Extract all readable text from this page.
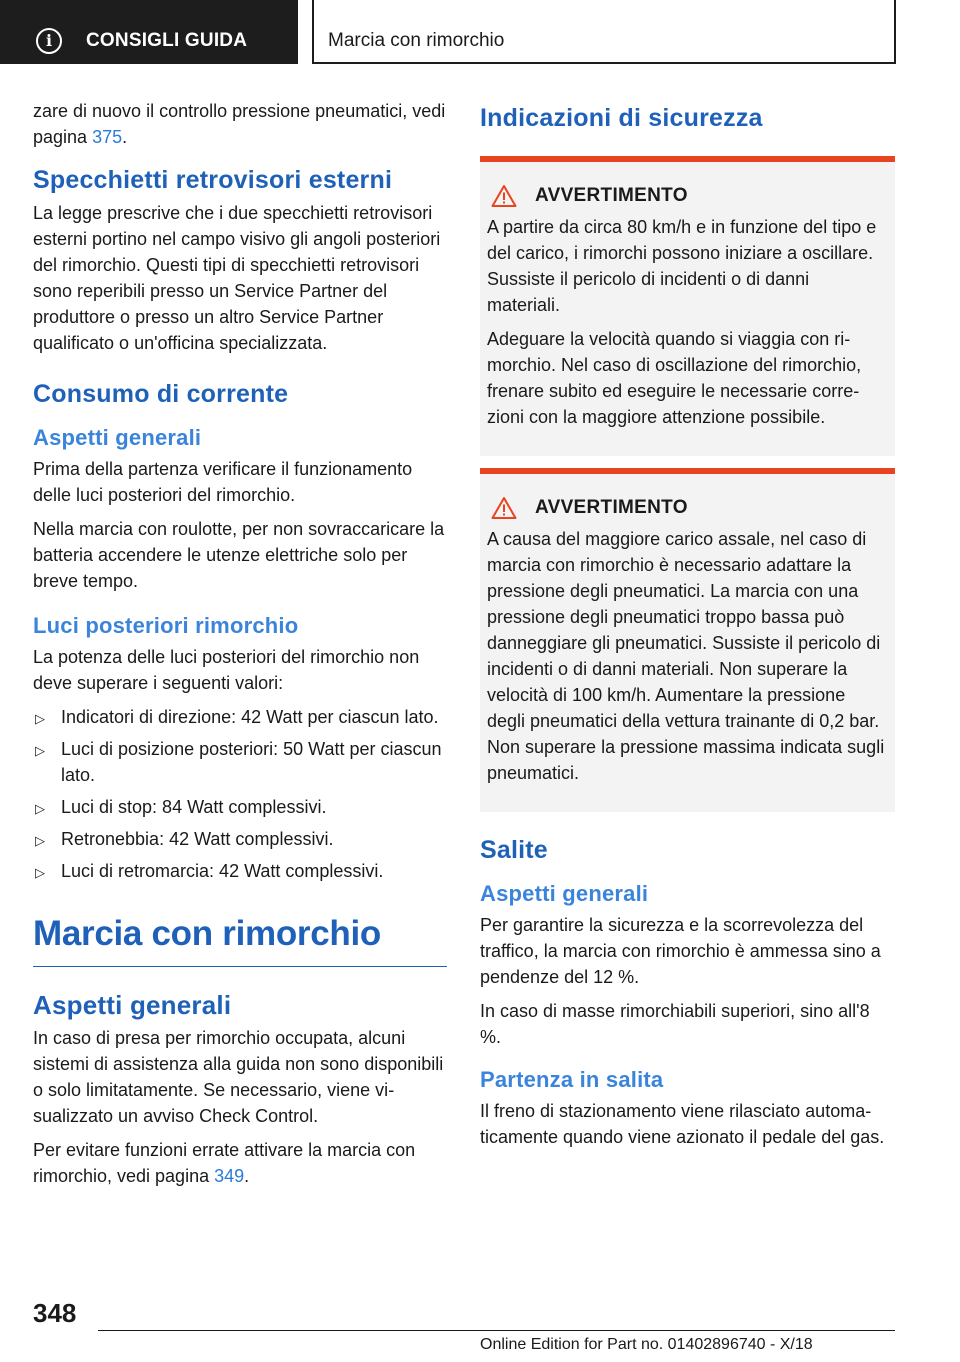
i	CONSIGLI GUIDA	Marcia con rimorchio

zare di nuovo il controllo pressione pneumatici, vedi pagina 375.

Specchietti retrovisori esterni

La legge prescrive che i due specchietti retrovisori esterni portino nel campo visivo gli angoli posteriori del rimorchio. Questi tipi di specchietti retrovisori sono reperibili presso un Service Partner del produttore o presso un altro Service Partner qualificato o un'officina specializzata.

Consumo di corrente
Aspetti generali

Prima della partenza verificare il funzionamento delle luci posteriori del rimorchio.

Nella marcia con roulotte, per non sovraccaricare la batteria accendere le utenze elettriche solo per breve tempo.

Luci posteriori rimorchio

La potenza delle luci posteriori del rimorchio non deve superare i seguenti valori:

▷ Indicatori di direzione: 42 Watt per ciascun lato.
▷ Luci di posizione posteriori: 50 Watt per ciascun lato.
▷ Luci di stop: 84 Watt complessivi.
▷ Retronebbia: 42 Watt complessivi.
▷ Luci di retromarcia: 42 Watt complessivi.
Marcia con rimorchio
Aspetti generali

In caso di presa per rimorchio occupata, alcuni sistemi di assistenza alla guida non sono disponibili o solo limitatamente. Se necessario, viene visualizzato un avviso Check Control.

Per evitare funzioni errate attivare la marcia con rimorchio, vedi pagina 349.

Indicazioni di sicurezza
AVVERTIMENTO

A partire da circa 80 km/h e in funzione del tipo e del carico, i rimorchi possono iniziare a oscillare. Sussiste il pericolo di incidenti o di danni materiali.

Adeguare la velocità quando si viaggia con rimorchio. Nel caso di oscillazione del rimorchio, frenare subito ed eseguire le necessarie correzioni con la maggiore attenzione possibile.

AVVERTIMENTO

A causa del maggiore carico assale, nel caso di marcia con rimorchio è necessario adattare la pressione degli pneumatici. La marcia con una pressione degli pneumatici troppo bassa può danneggiare gli pneumatici. Sussiste il pericolo di incidenti o di danni materiali. Non superare la velocità di 100 km/h. Aumentare la pressione degli pneumatici della vettura trainante di 0,2 bar. Non superare la pressione massima indicata sugli pneumatici.

Salite
Aspetti generali

Per garantire la sicurezza e la scorrevolezza del traffico, la marcia con rimorchio è ammessa sino a pendenze del 12 %.

In caso di masse rimorchiabili superiori, sino all'8 %.

Partenza in salita

Il freno di stazionamento viene rilasciato automaticamente quando viene azionato il pedale del gas.

348
Online Edition for Part no. 01402896740 - X/18
